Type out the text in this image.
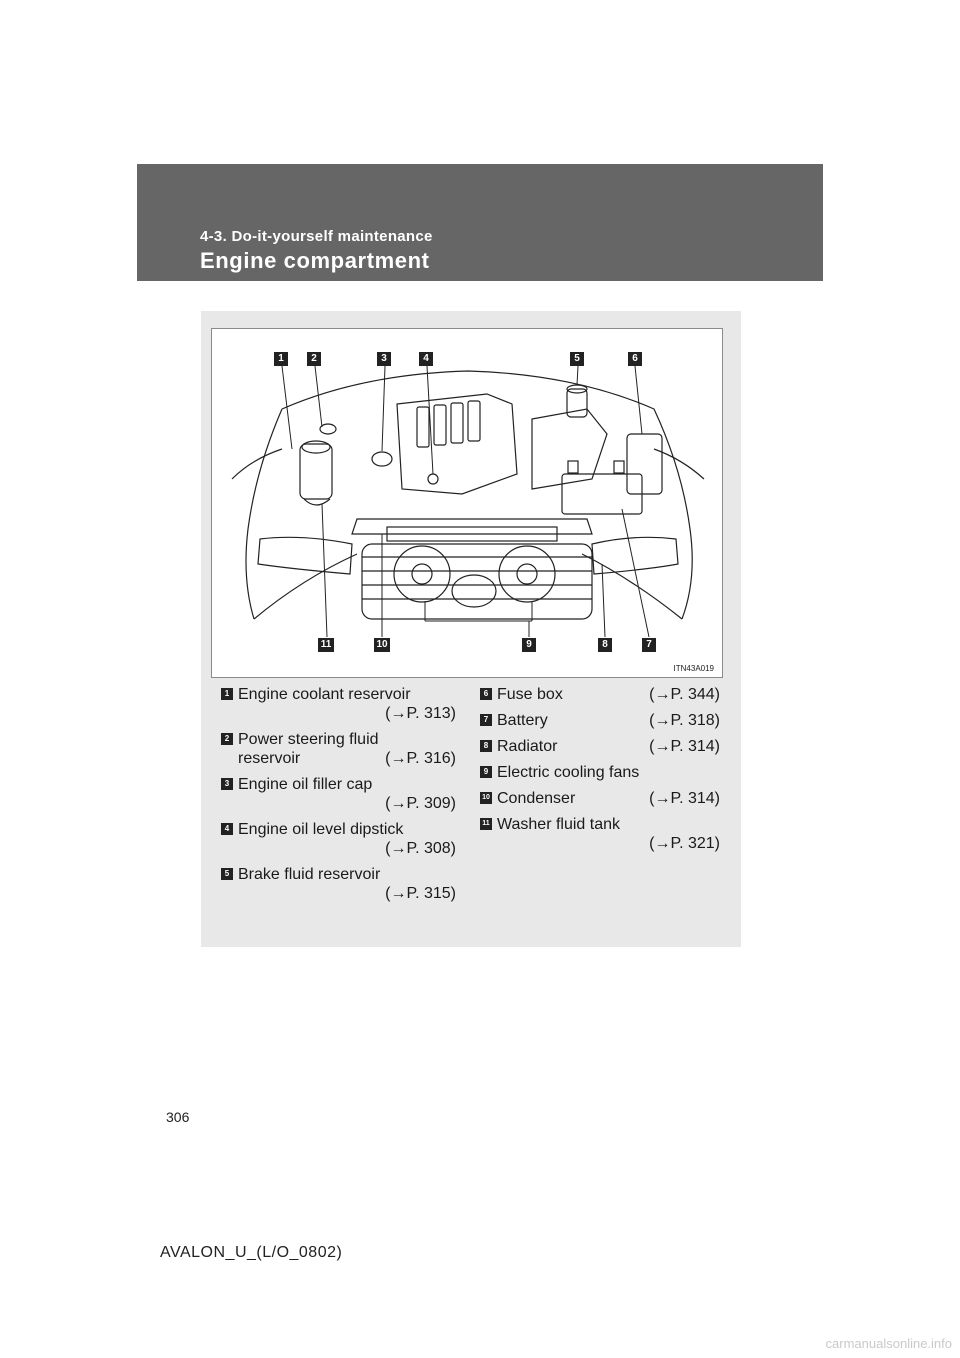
4-3. Do-it-yourself maintenance
Engine compartment
1	2	3	4	5	6
11	10	9	8	7
ITN43A019
1 Engine coolant reservoir
(→P. 313)
2 Power steering fluid
reservoir	(→P. 316)
3 Engine oil filler cap
(→P. 309)
4 Engine oil level dipstick
(→P. 308)
5 Brake fluid reservoir
(→P. 315)
6 Fuse box	(→P. 344)
7 Battery	(→P. 318)
8 Radiator	(→P. 314)
9 Electric cooling fans
10 Condenser	(→P. 314)
11 Washer fluid tank
(→P. 321)
306
AVALON_U_(L/O_0802)
carmanualsonline.info
